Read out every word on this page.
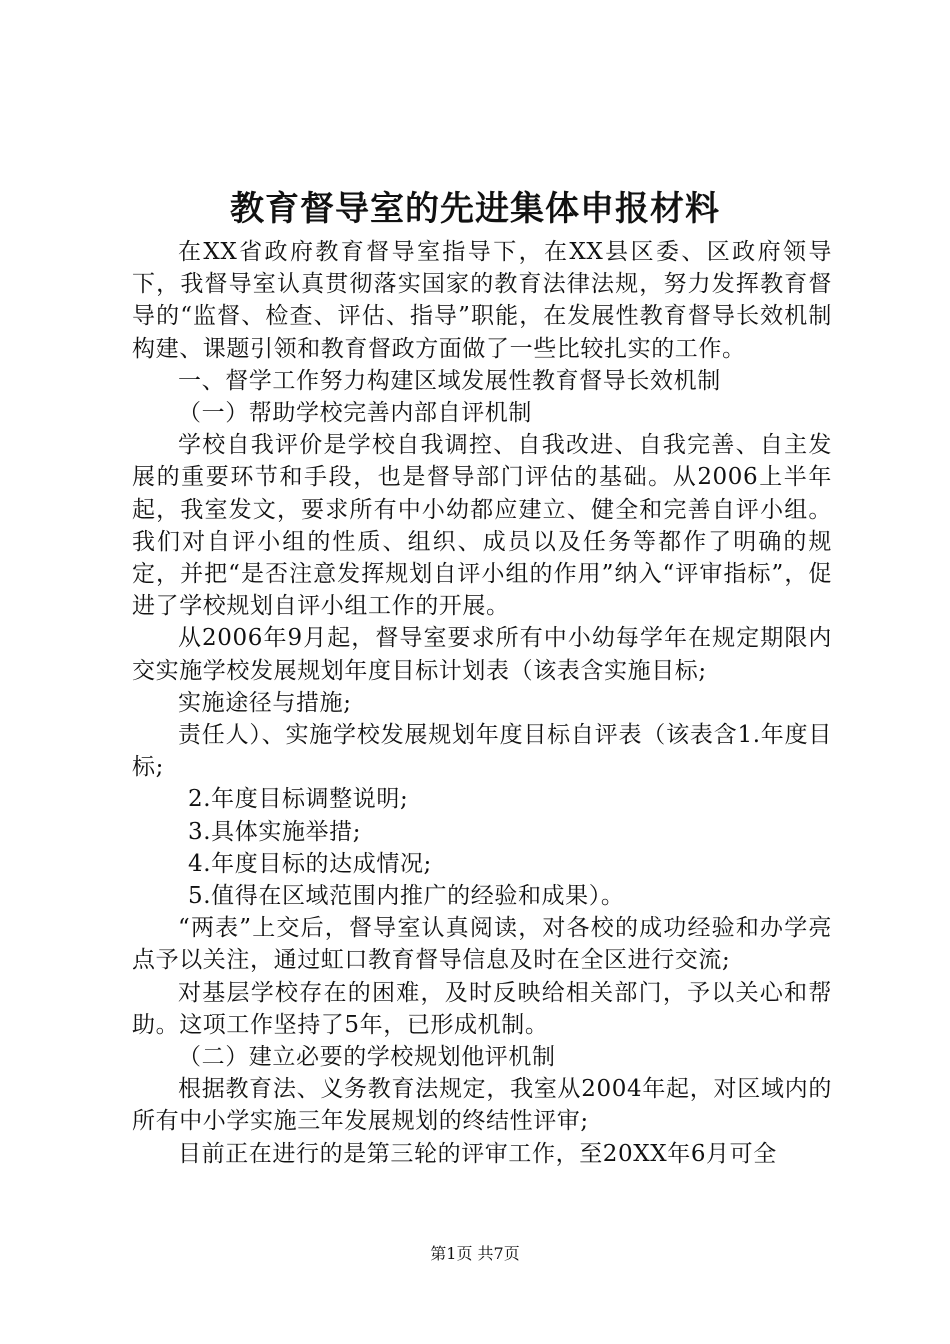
教育督导室的先进集体申报材料

在XX省政府教育督导室指导下，在XX县区委、区政府领导下，我督导室认真贯彻落实国家的教育法律法规，努力发挥教育督导的“监督、检查、评估、指导”职能，在发展性教育督导长效机制构建、课题引领和教育督政方面做了一些比较扎实的工作。

一、督学工作努力构建区域发展性教育督导长效机制

（一）帮助学校完善内部自评机制

学校自我评价是学校自我调控、自我改进、自我完善、自主发展的重要环节和手段，也是督导部门评估的基础。从2006上半年起，我室发文，要求所有中小幼都应建立、健全和完善自评小组。我们对自评小组的性质、组织、成员以及任务等都作了明确的规定，并把“是否注意发挥规划自评小组的作用”纳入“评审指标”，促进了学校规划自评小组工作的开展。

从2006年9月起，督导室要求所有中小幼每学年在规定期限内交实施学校发展规划年度目标计划表（该表含实施目标;

实施途径与措施;

责任人）、实施学校发展规划年度目标自评表（该表含1.年度目标;

2.年度目标调整说明;

3.具体实施举措;

4.年度目标的达成情况;

5.值得在区域范围内推广的经验和成果）。

“两表”上交后，督导室认真阅读，对各校的成功经验和办学亮点予以关注，通过虹口教育督导信息及时在全区进行交流;

对基层学校存在的困难，及时反映给相关部门，予以关心和帮助。这项工作坚持了5年，已形成机制。

（二）建立必要的学校规划他评机制

根据教育法、义务教育法规定，我室从2004年起，对区域内的所有中小学实施三年发展规划的终结性评审;

目前正在进行的是第三轮的评审工作，至20XX年6月可全

第1页 共7页
